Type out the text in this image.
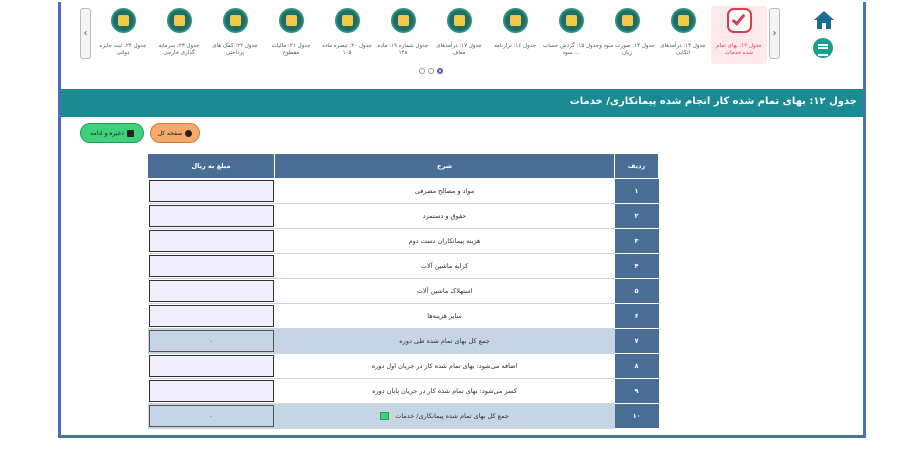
›
‹
جدول ۱۲: بهای تمام شده خدمات
جدول ۱۳: درآمدهای اتکایی
جدول ۱۴: صورت سود و زیان
جدول ۱۵: گردش حساب سود ...
جدول ۱۶: ترازنامه
جدول ۱۷: درآمدهای معاف
جدول شماره ۱۹: ماده ۱۴۸
جدول ۲۰: تبصره ماده ۱۰۵
جدول ۲۱: مالیات مقطوع
جدول ۲۲: کمک های پرداختی
جدول ۲۳: سرمایه گذاری خارجی
جدول ۲۴: ثبت جایزه دولتی
جدول ۱۲: بهای تمام شده کار انجام شده پیمانکاری/ خدمات
صفحه کل
ذخیره و ادامه
ردیف	شرح	مبلغ به ریال
۱	مواد و مصالح مصرفی	

۲	حقوق و دستمزد	

۳	هزینه پیمانکاران دست دوم	

۴	کرایه ماشین آلات	

۵	استهلاک ماشین آلات	

۶	سایر هزینه‌ها	

۷	جمع کل بهای تمام شده طی دوره	۰

۸	اضافه می‌شود: بهای تمام شده کار در جریان اول دوره	

۹	کسر می‌شود: بهای تمام شده کار در جریان پایان دوره	

۱۰	جمع کل بهای تمام شده پیمانکاری/ خدمات	۰
